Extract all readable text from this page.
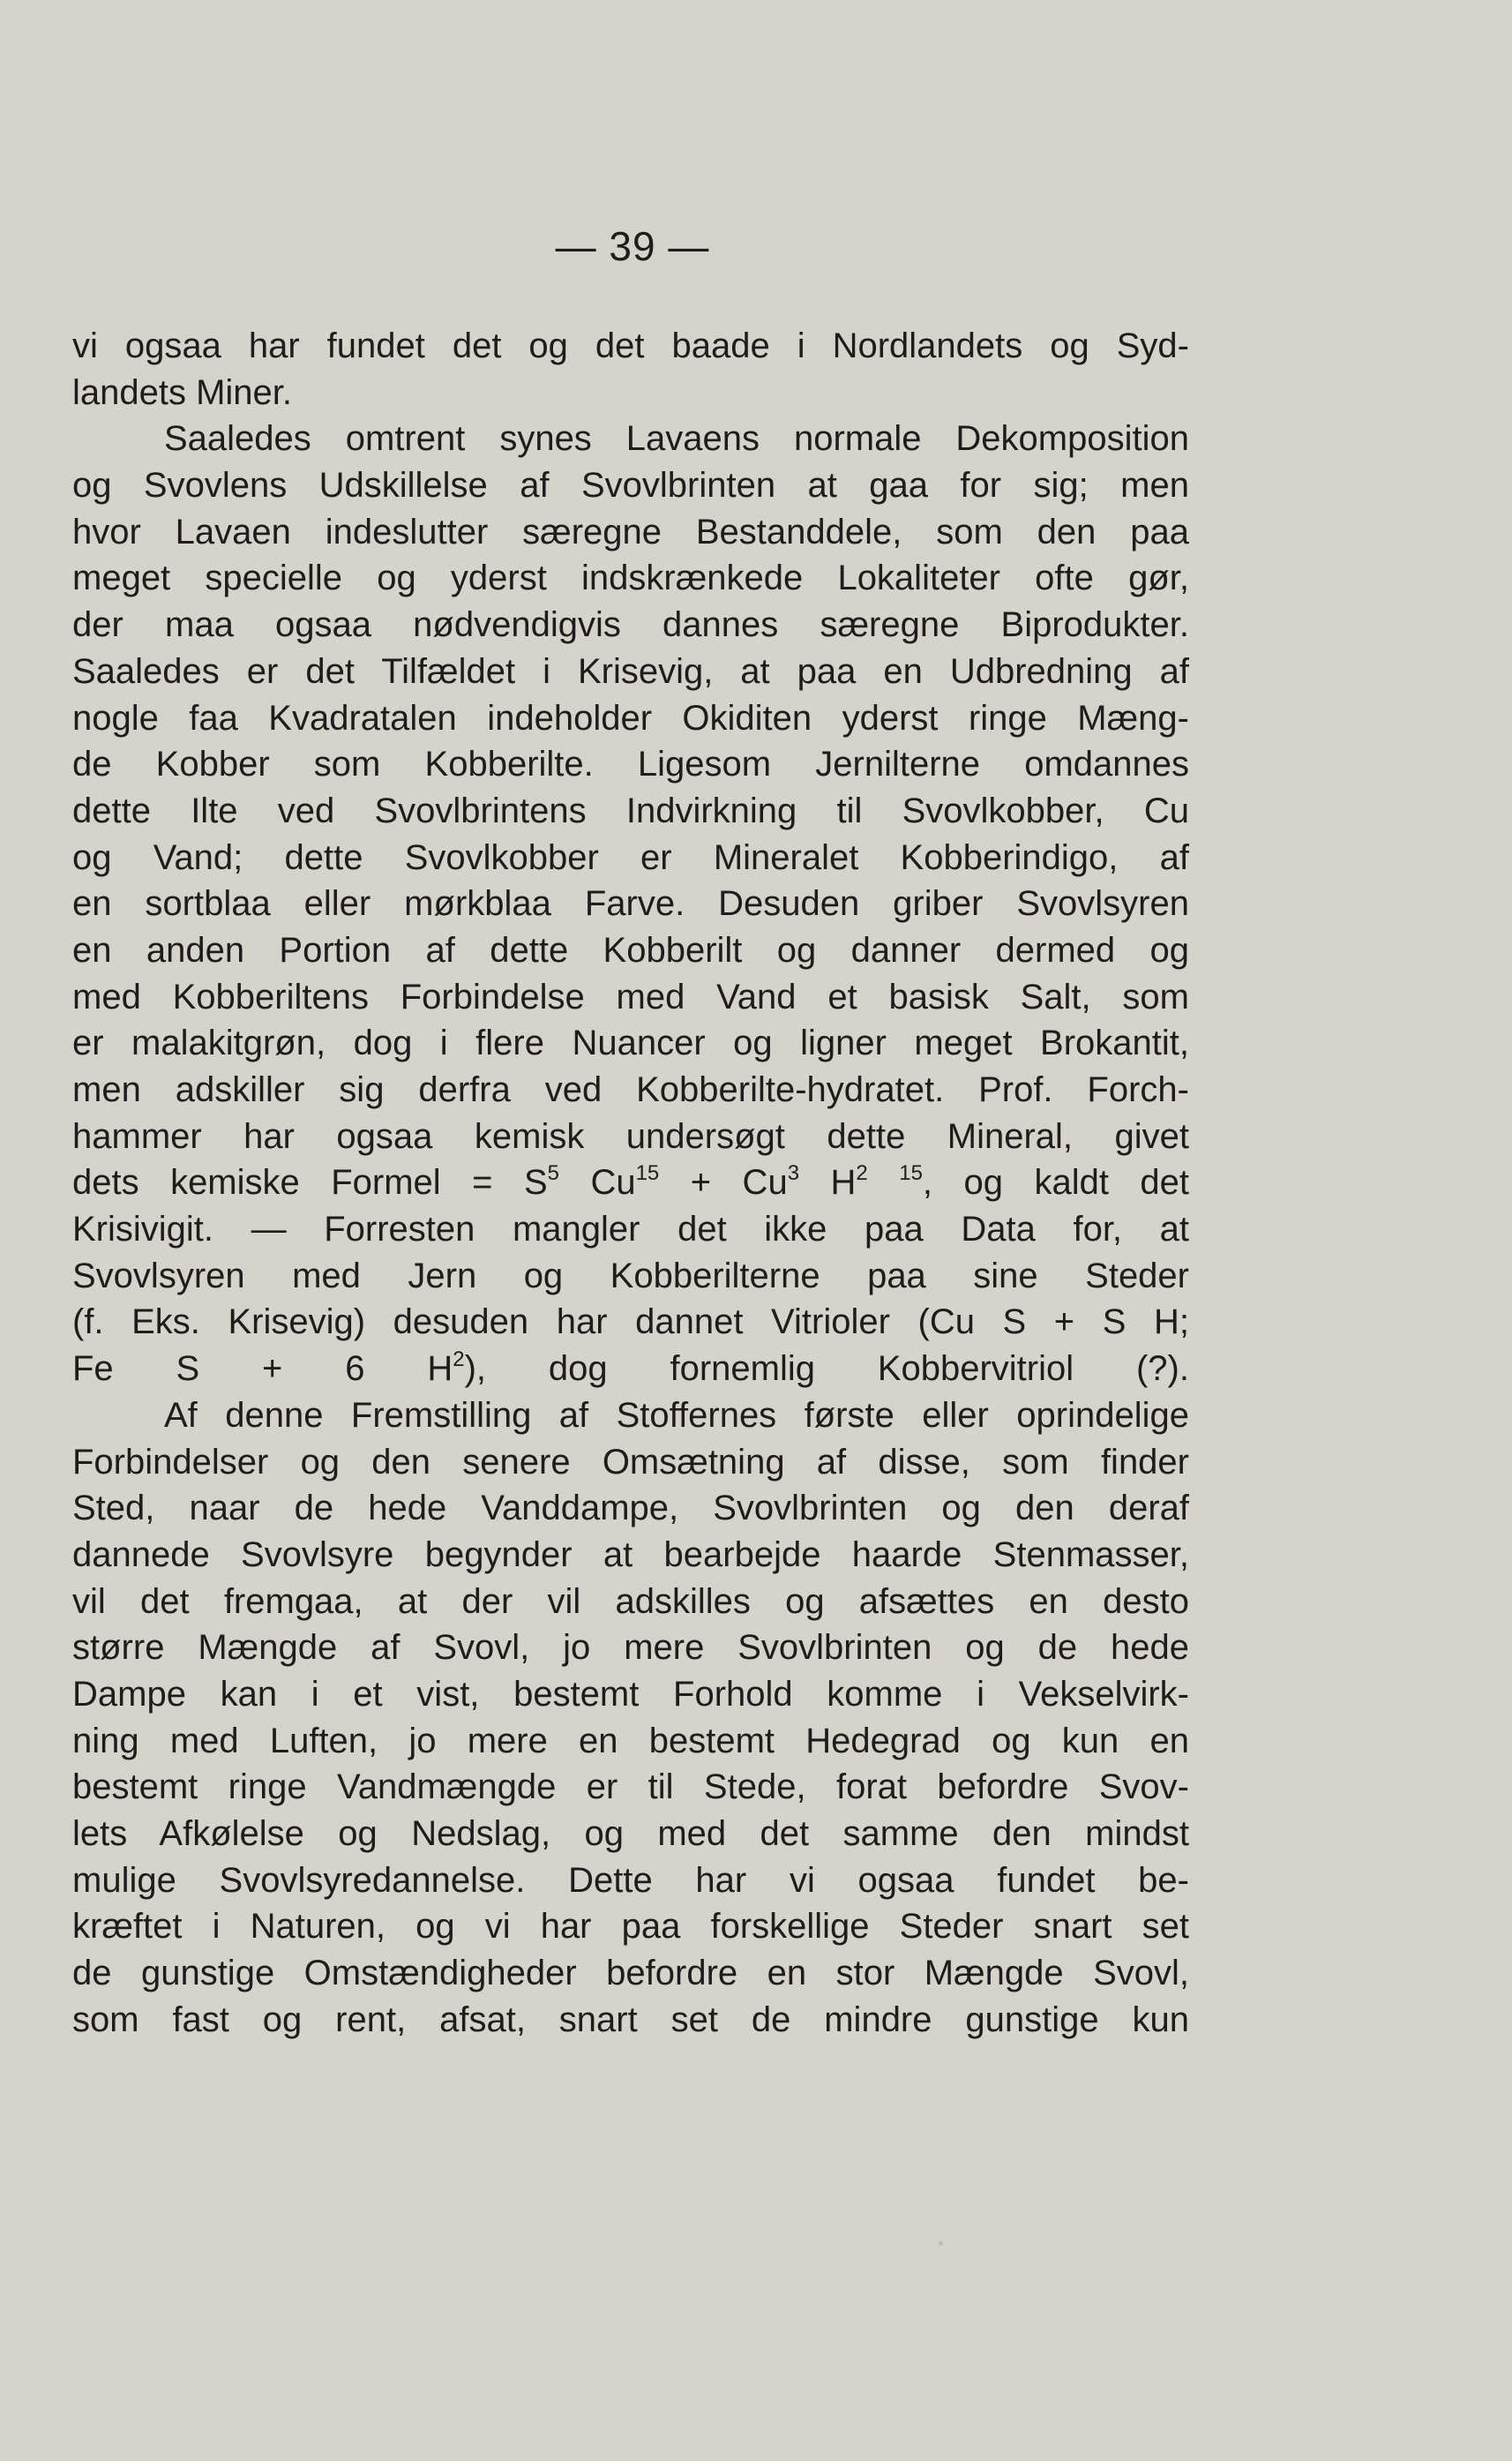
— 39 —
vi ogsaa har fundet det og det baade i Nordlandets og Syd-
landets Miner.
Saaledes omtrent synes Lavaens normale Dekomposition
og Svovlens Udskillelse af Svovlbrinten at gaa for sig; men
hvor Lavaen indeslutter særegne Bestanddele, som den paa
meget specielle og yderst indskrænkede Lokaliteter ofte gør,
der maa ogsaa nødvendigvis dannes særegne Biprodukter.
Saaledes er det Tilfældet i Krisevig, at paa en Udbredning af
nogle faa Kvadratalen indeholder Okiditen yderst ringe Mæng-
de Kobber som Kobberilte. Ligesom Jernilterne omdannes
dette Ilte ved Svovlbrintens Indvirkning til Svovlkobber, Cu
og Vand; dette Svovlkobber er Mineralet Kobberindigo, af
en sortblaa eller mørkblaa Farve. Desuden griber Svovlsyren
en anden Portion af dette Kobberilt og danner dermed og
med Kobberiltens Forbindelse med Vand et basisk Salt, som
er malakitgrøn, dog i flere Nuancer og ligner meget Brokantit,
men adskiller sig derfra ved Kobberilte-hydratet. Prof. Forch-
hammer har ogsaa kemisk undersøgt dette Mineral, givet
dets kemiske Formel = $S^5$ $Cu^{15} + Cu^3$ $H^2$ $^{15}$, og kaldt det
Krisivigit. — Forresten mangler det ikke paa Data for, at
Svovlsyren med Jern og Kobberilterne paa sine Steder
(f. Eks. Krisevig) desuden har dannet Vitrioler (Cu S + S H;
Fe S + 6 $H^2$), dog fornemlig Kobbervitriol (?).
Af denne Fremstilling af Stoffernes første eller oprindelige
Forbindelser og den senere Omsætning af disse, som finder
Sted, naar de hede Vanddampe, Svovlbrinten og den deraf
dannede Svovlsyre begynder at bearbejde haarde Stenmasser,
vil det fremgaa, at der vil adskilles og afsættes en desto
større Mængde af Svovl, jo mere Svovlbrinten og de hede
Dampe kan i et vist, bestemt Forhold komme i Vekselvirk-
ning med Luften, jo mere en bestemt Hedegrad og kun en
bestemt ringe Vandmængde er til Stede, forat befordre Svov-
lets Afkølelse og Nedslag, og med det samme den mindst
mulige Svovlsyredannelse. Dette har vi ogsaa fundet be-
kræftet i Naturen, og vi har paa forskellige Steder snart set
de gunstige Omstændigheder befordre en stor Mængde Svovl,
som fast og rent, afsat, snart set de mindre gunstige kun
